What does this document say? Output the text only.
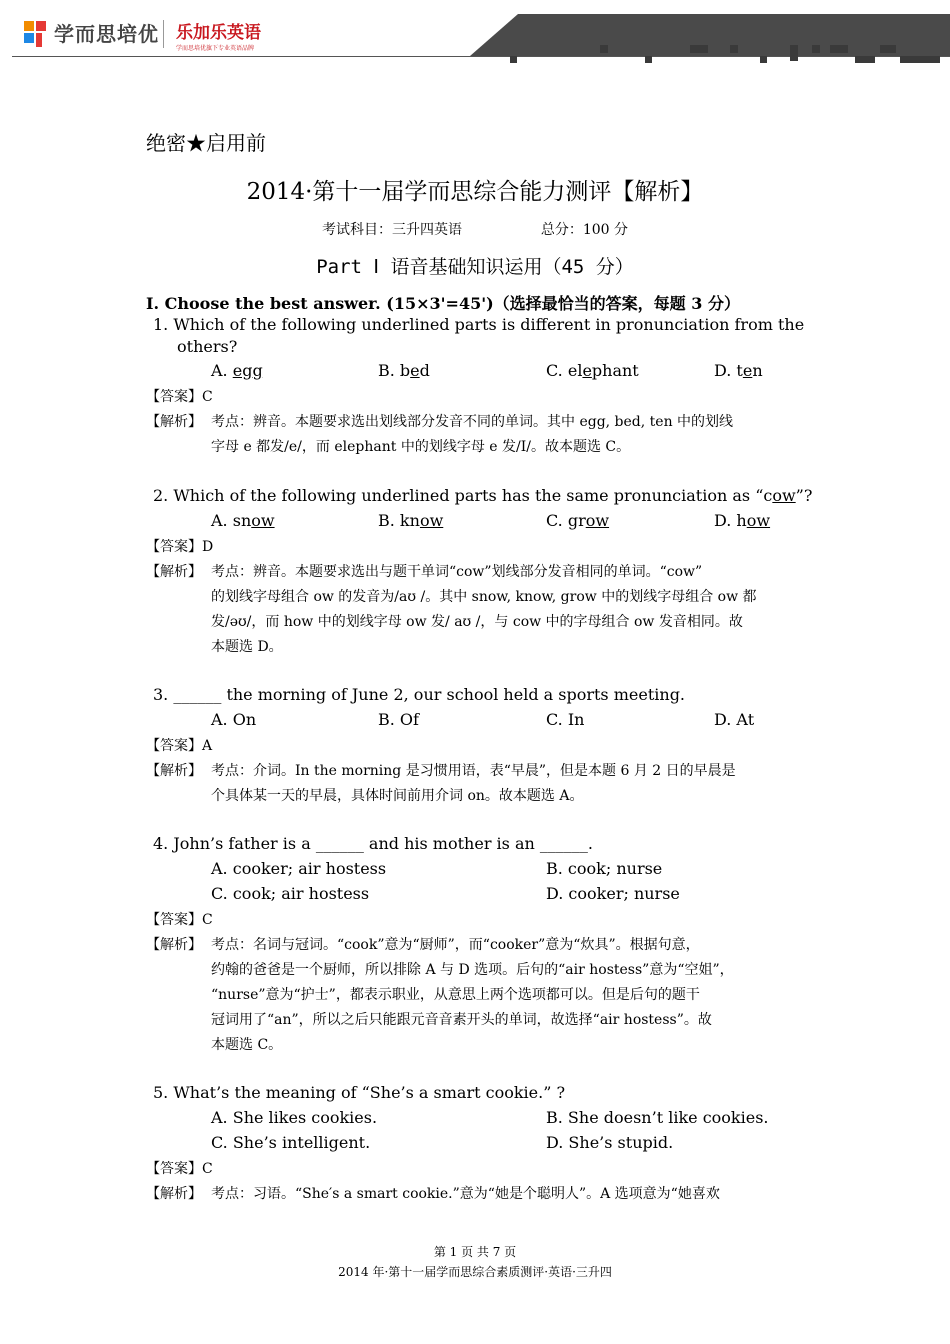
学而思培优 乐加乐英语
学而思培优旗下专业英语品牌
绝密★启用前
2014·第十一届学而思综合能力测评【解析】
考试科目：三升四英语	总分：100 分
Part Ⅰ 语音基础知识运用（45 分）
Ⅰ. Choose the best answer. (15×3'=45')（选择最恰当的答案，每题 3 分）
1. Which of the following underlined parts is different in pronunciation from the
others?
A. egg	B. bed	C. elephant	D. ten
【答案】C
【解析】 考点：辨音。本题要求选出划线部分发音不同的单词。其中 egg, bed, ten 中的划线
字母 e 都发/e/，而 elephant 中的划线字母 e 发/I/。故本题选 C。
2. Which of the following underlined parts has the same pronunciation as “cow”?
A. snow	B. know	C. grow	D. how
【答案】D
【解析】 考点：辨音。本题要求选出与题干单词“cow”划线部分发音相同的单词。“cow”
的划线字母组合 ow 的发音为/aʊ /。其中 snow, know, grow 中的划线字母组合 ow 都
发/əʊ/，而 how 中的划线字母 ow 发/ aʊ /，与 cow 中的字母组合 ow 发音相同。故
本题选 D。
3. ______ the morning of June 2, our school held a sports meeting.
A. On	B. Of	C. In	D. At
【答案】A
【解析】 考点：介词。In the morning 是习惯用语，表“早晨”，但是本题 6 月 2 日的早晨是
个具体某一天的早晨，具体时间前用介词 on。故本题选 A。
4. John’s father is a ______ and his mother is an ______.
A. cooker; air hostess	B. cook; nurse
C. cook; air hostess	D. cooker; nurse
【答案】C
【解析】 考点：名词与冠词。“cook”意为“厨师”，而“cooker”意为“炊具”。根据句意，
约翰的爸爸是一个厨师，所以排除 A 与 D 选项。后句的“air hostess”意为“空姐”，
“nurse”意为“护士”，都表示职业，从意思上两个选项都可以。但是后句的题干
冠词用了“an”，所以之后只能跟元音音素开头的单词，故选择“air hostess”。故
本题选 C。
5. What’s the meaning of “She’s a smart cookie.” ?
A. She likes cookies.	B. She doesn’t like cookies.
C. She’s intelligent.	D. She’s stupid.
【答案】C
【解析】 考点：习语。“She′s a smart cookie.”意为“她是个聪明人”。A 选项意为“她喜欢
第 1 页 共 7 页
2014 年·第十一届学而思综合素质测评·英语·三升四
